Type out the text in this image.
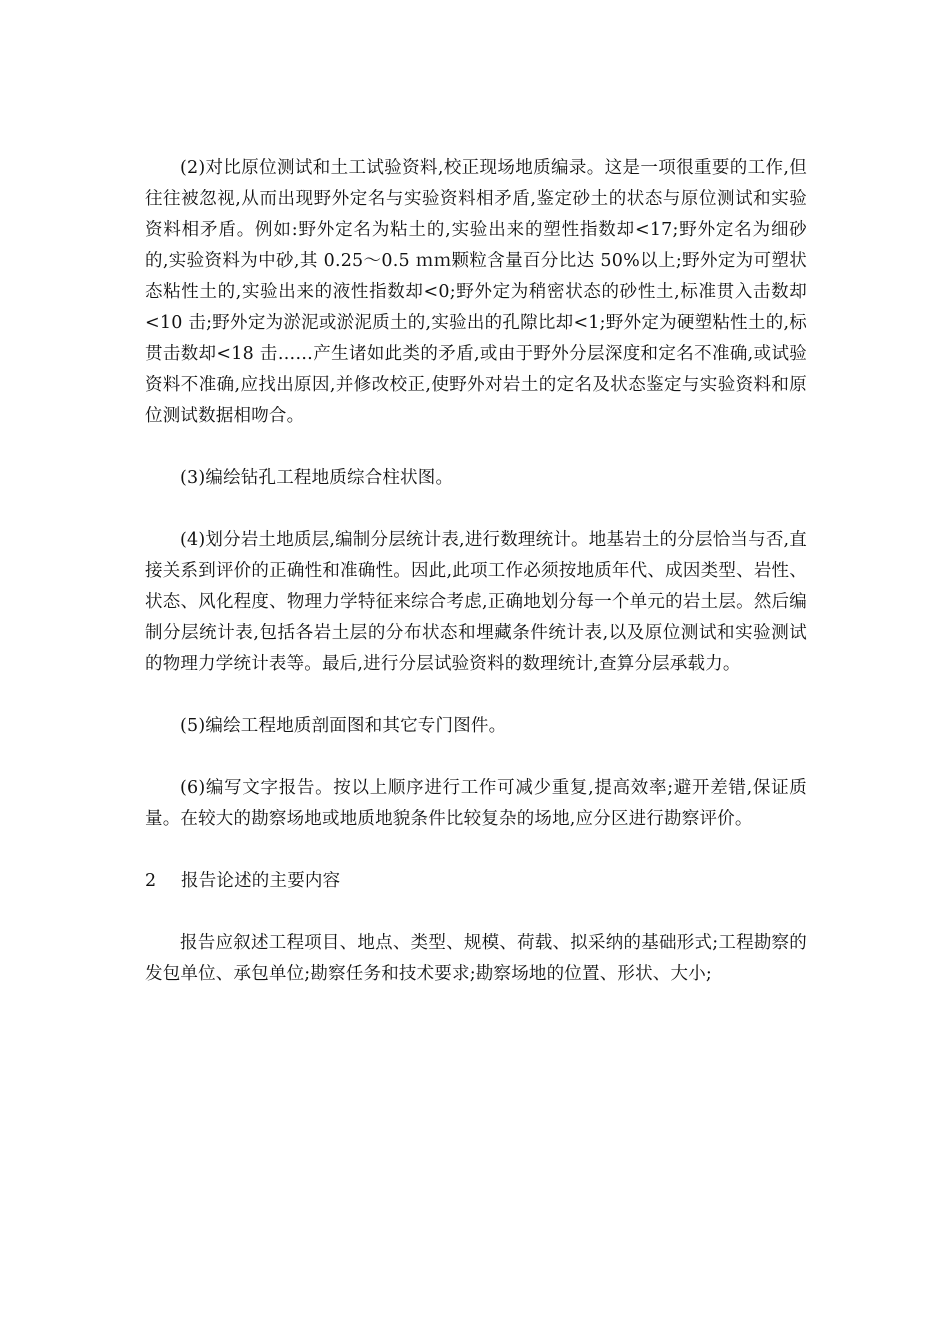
(2)对比原位测试和土工试验资料,校正现场地质编录。这是一项很重要的工作,但往往被忽视,从而出现野外定名与实验资料相矛盾,鉴定砂土的状态与原位测试和实验资料相矛盾。例如:野外定名为粘土的,实验出来的塑性指数却<17;野外定名为细砂的,实验资料为中砂,其 0.25～0.5 ｍｍ颗粒含量百分比达 50%以上;野外定为可塑状态粘性土的,实验出来的液性指数却<0;野外定为稍密状态的砂性土,标准贯入击数却<10 击;野外定为淤泥或淤泥质土的,实验出的孔隙比却<1;野外定为硬塑粘性土的,标贯击数却<18 击……产生诸如此类的矛盾,或由于野外分层深度和定名不准确,或试验资料不准确,应找出原因,并修改校正,使野外对岩土的定名及状态鉴定与实验资料和原位测试数据相吻合。

(3)编绘钻孔工程地质综合柱状图。

(4)划分岩土地质层,编制分层统计表,进行数理统计。地基岩土的分层恰当与否,直接关系到评价的正确性和准确性。因此,此项工作必须按地质年代、成因类型、岩性、状态、风化程度、物理力学特征来综合考虑,正确地划分每一个单元的岩土层。然后编制分层统计表,包括各岩土层的分布状态和埋藏条件统计表,以及原位测试和实验测试的物理力学统计表等。最后,进行分层试验资料的数理统计,查算分层承载力。

(5)编绘工程地质剖面图和其它专门图件。

(6)编写文字报告。按以上顺序进行工作可减少重复,提高效率;避开差错,保证质量。在较大的勘察场地或地质地貌条件比较复杂的场地,应分区进行勘察评价。

2 报告论述的主要内容

报告应叙述工程项目、地点、类型、规模、荷载、拟采纳的基础形式;工程勘察的发包单位、承包单位;勘察任务和技术要求;勘察场地的位置、形状、大小;
